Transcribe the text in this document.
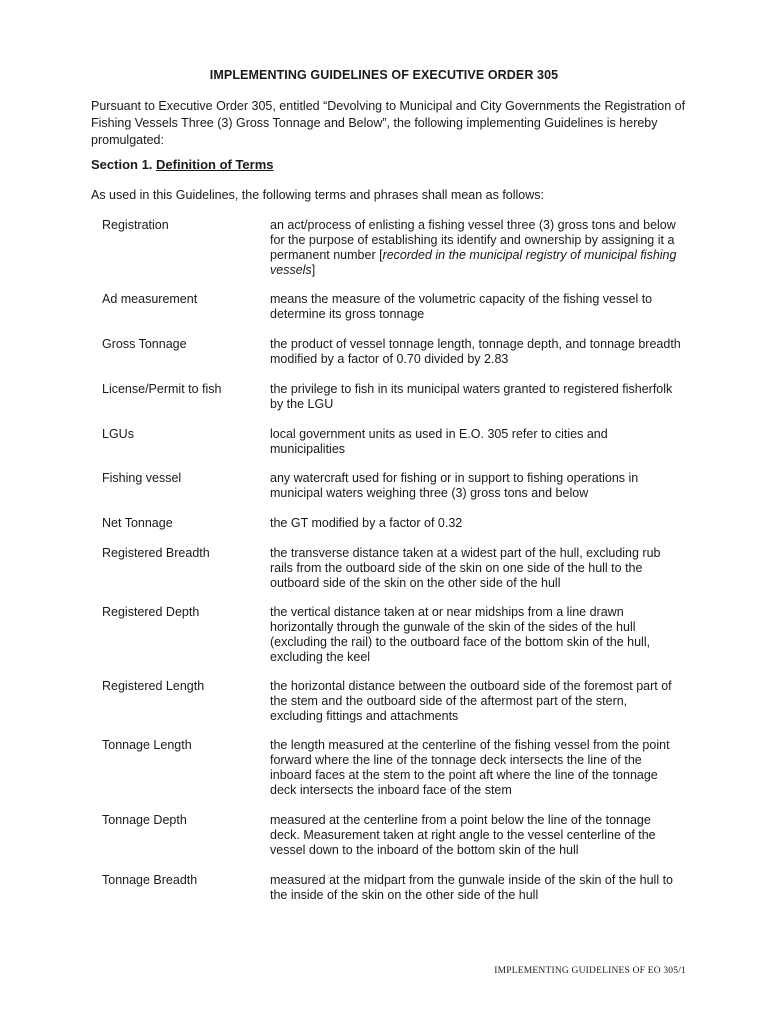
IMPLEMENTING GUIDELINES OF EXECUTIVE ORDER 305
Pursuant to Executive Order 305, entitled “Devolving to Municipal and City Governments the Registration of Fishing Vessels Three (3) Gross Tonnage and Below”, the following implementing Guidelines is hereby promulgated:
Section 1. Definition of Terms
As used in this Guidelines, the following terms and phrases shall mean as follows:
Registration	an act/process of enlisting a fishing vessel three (3) gross tons and below for the purpose of establishing its identify and ownership by assigning it a permanent number [recorded in the municipal registry of municipal fishing vessels]
Ad measurement	means the measure of the volumetric capacity of the fishing vessel to determine its gross tonnage
Gross Tonnage	the product of vessel tonnage length, tonnage depth, and tonnage breadth modified by a factor of 0.70 divided by 2.83
License/Permit to fish	the privilege to fish in its municipal waters granted to registered fisherfolk by the LGU
LGUs	local government units as used in E.O. 305 refer to cities and municipalities
Fishing vessel	any watercraft used for fishing or in support to fishing operations in municipal waters weighing three (3) gross tons and below
Net Tonnage	the GT modified by a factor of 0.32
Registered Breadth	the transverse distance taken at a widest part of the hull, excluding rub rails from the outboard side of the skin on one side of the hull to the outboard side of the skin on the other side of the hull
Registered Depth	the vertical distance taken at or near midships from a line drawn horizontally through the gunwale of the skin of the sides of the hull (excluding the rail) to the outboard face of the bottom skin of the hull, excluding the keel
Registered Length	the horizontal distance between the outboard side of the foremost part of the stem and the outboard side of the aftermost part of the stern, excluding fittings and attachments
Tonnage Length	the length measured at the centerline of the fishing vessel from the point forward where the line of the tonnage deck intersects the line of the inboard faces at the stem to the point aft where the line of the tonnage deck intersects the inboard face of the stem
Tonnage Depth	measured at the centerline from a point below the line of the tonnage deck. Measurement taken at right angle to the vessel centerline of the vessel down to the inboard of the bottom skin of the hull
Tonnage Breadth	measured at the midpart from the gunwale inside of the skin of the hull to the inside of the skin on the other side of the hull
IMPLEMENTING GUIDELINES OF EO 305/1
